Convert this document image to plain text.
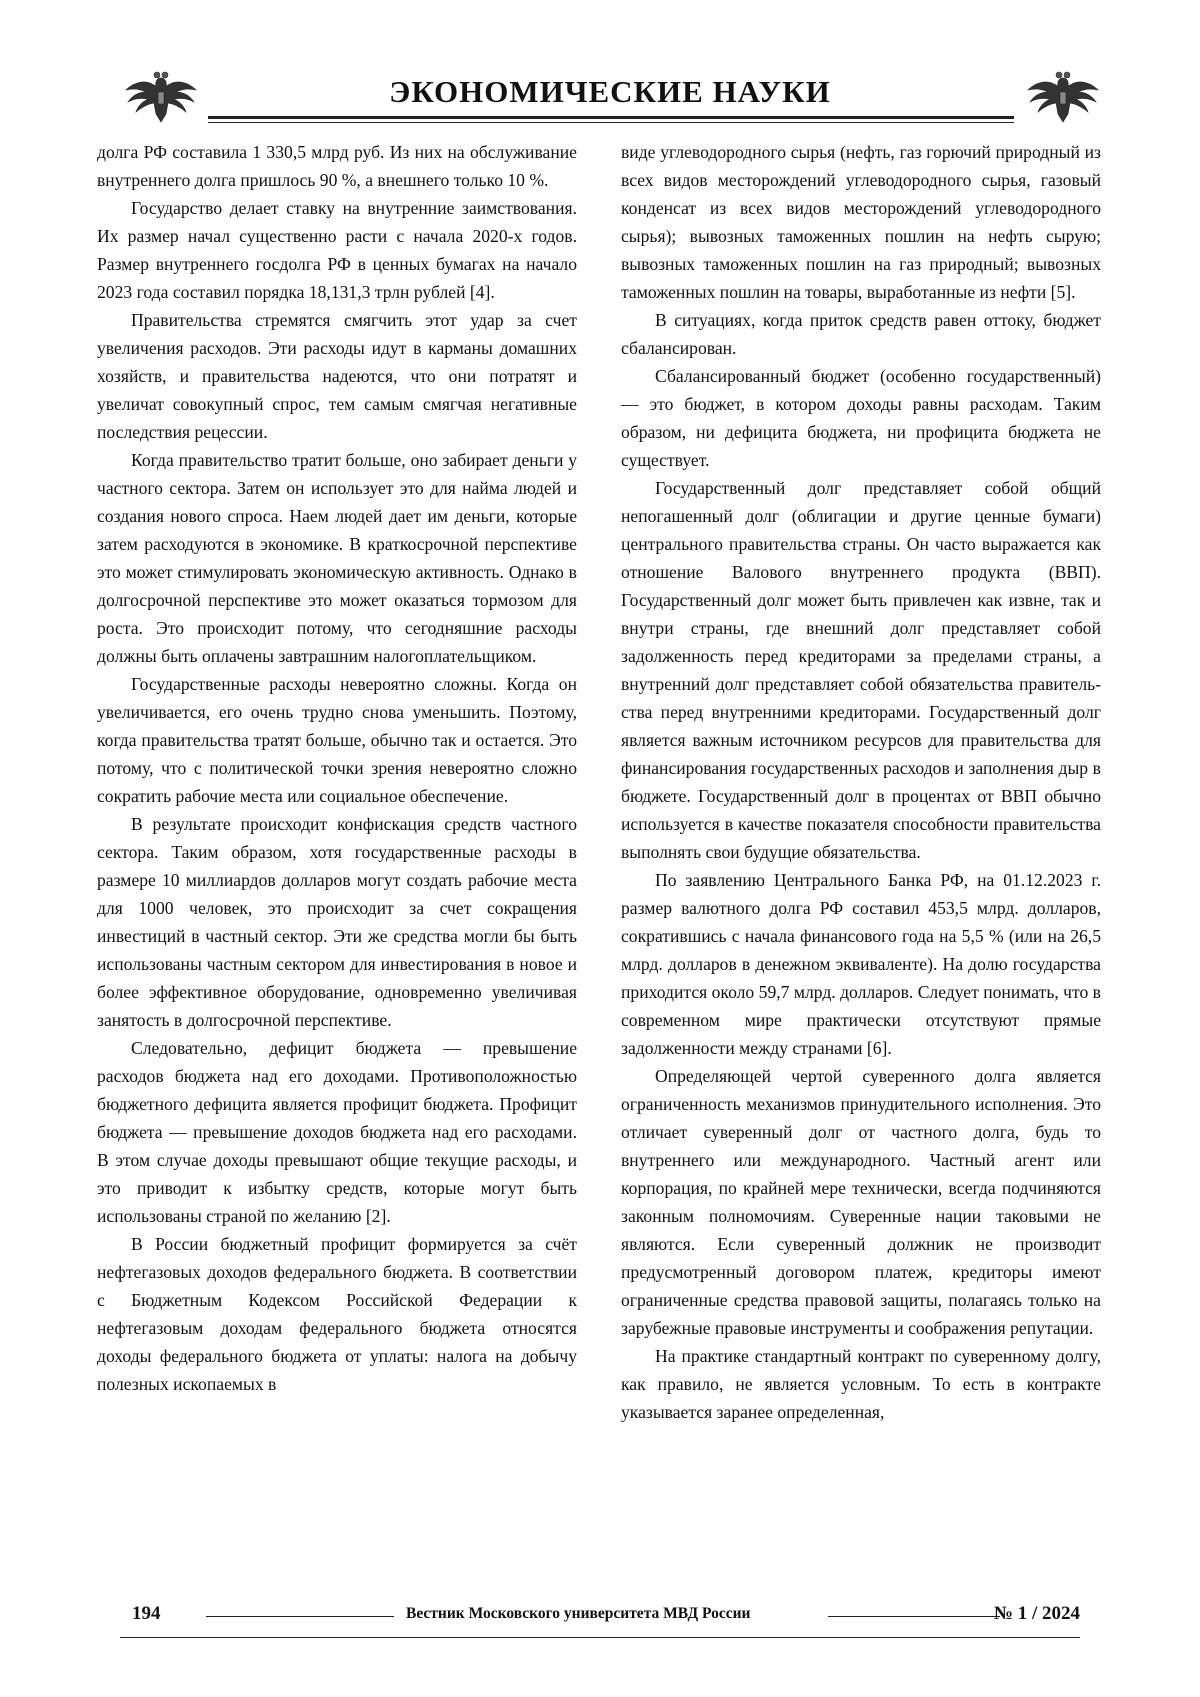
ЭКОНОМИЧЕСКИЕ НАУКИ

долга РФ составила 1 330,5 млрд руб. Из них на обслуживание внутреннего долга пришлось 90 %, а внешнего только 10 %.

Государство делает ставку на внутренние заимствования. Их размер начал существенно расти с начала 2020-х годов. Размер внутреннего госдолга РФ в ценных бумагах на начало 2023 года составил порядка 18,131,3 трлн рублей [4].

Правительства стремятся смягчить этот удар за счет увеличения расходов. Эти расходы идут в карманы домашних хозяйств, и правительства надеются, что они потратят и увеличат совокупный спрос, тем самым смягчая негативные последствия рецессии.

Когда правительство тратит больше, оно забирает деньги у частного сектора. Затем он использует это для найма людей и создания нового спроса. Наем людей дает им деньги, которые затем расходуются в экономике. В краткосрочной перспективе это может стимулировать экономическую активность. Однако в долгосрочной перспективе это может оказаться тормозом для роста. Это происходит потому, что сегодняшние расходы должны быть оплачены завтрашним налогоплательщиком.

Государственные расходы невероятно сложны. Когда он увеличивается, его очень трудно снова уменьшить. Поэтому, когда правительства тратят больше, обычно так и остается. Это потому, что с политической точки зрения невероятно сложно сократить рабочие места или социальное обеспечение.

В результате происходит конфискация средств частного сектора. Таким образом, хотя государственные расходы в размере 10 миллиардов долларов могут создать рабочие места для 1000 человек, это происходит за счет сокращения инвестиций в частный сектор. Эти же средства могли бы быть использованы частным сектором для инвестирования в новое и более эффективное оборудование, одновременно увеличивая занятость в долгосрочной перспективе.

Следовательно, дефицит бюджета — превышение расходов бюджета над его доходами. Противоположностью бюджетного дефицита является профицит бюджета. Профицит бюджета — превышение доходов бюджета над его расходами. В этом случае доходы превышают общие текущие расходы, и это приводит к избытку средств, которые могут быть использованы страной по желанию [2].

В России бюджетный профицит формируется за счёт нефтегазовых доходов федерального бюджета. В соответствии с Бюджетным Кодексом Российской Федерации к нефтегазовым доходам федерального бюджета относятся доходы федерального бюджета от уплаты: налога на добычу полезных ископаемых в

виде углеводородного сырья (нефть, газ горючий природный из всех видов месторождений углеводородного сырья, газовый конденсат из всех видов месторождений углеводородного сырья); вывозных таможенных пошлин на нефть сырую; вывозных таможенных пошлин на газ природный; вывозных таможенных пошлин на товары, выработанные из нефти [5].

В ситуациях, когда приток средств равен оттоку, бюджет сбалансирован.

Сбалансированный бюджет (особенно государственный) — это бюджет, в котором доходы равны расходам. Таким образом, ни дефицита бюджета, ни профицита бюджета не существует.

Государственный долг представляет собой общий непогашенный долг (облигации и другие ценные бумаги) центрального правительства страны. Он часто выражается как отношение Валового внутреннего продукта (ВВП). Государственный долг может быть привлечен как извне, так и внутри страны, где внешний долг представляет собой задолженность перед кредиторами за пределами страны, а внутренний долг представляет собой обязательства правительства перед внутренними кредиторами. Государственный долг является важным источником ресурсов для правительства для финансирования государственных расходов и заполнения дыр в бюджете. Государственный долг в процентах от ВВП обычно используется в качестве показателя способности правительства выполнять свои будущие обязательства.

По заявлению Центрального Банка РФ, на 01.12.2023 г. размер валютного долга РФ составил 453,5 млрд. долларов, сократившись с начала финансового года на 5,5 % (или на 26,5 млрд. долларов в денежном эквиваленте). На долю государства приходится около 59,7 млрд. долларов. Следует понимать, что в современном мире практически отсутствуют прямые задолженности между странами [6].

Определяющей чертой суверенного долга является ограниченность механизмов принудительного исполнения. Это отличает суверенный долг от частного долга, будь то внутреннего или международного. Частный агент или корпорация, по крайней мере технически, всегда подчиняются законным полномочиям. Суверенные нации таковыми не являются. Если суверенный должник не производит предусмотренный договором платеж, кредиторы имеют ограниченные средства правовой защиты, полагаясь только на зарубежные правовые инструменты и соображения репутации.

На практике стандартный контракт по суверенному долгу, как правило, не является условным. То есть в контракте указывается заранее определенная,

194	Вестник Московского университета МВД России	№ 1 / 2024
